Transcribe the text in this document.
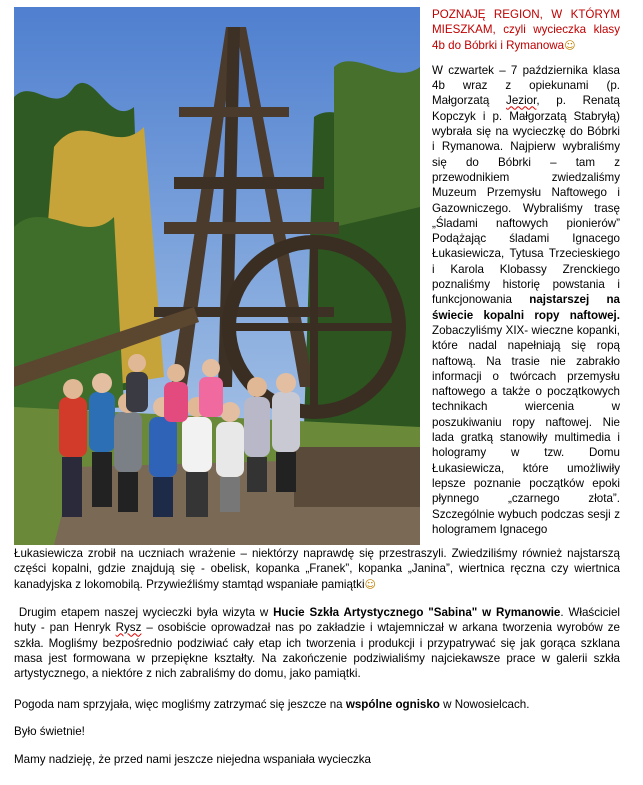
POZNAJĘ REGION, W KTÓRYM MIESZKAM, czyli wycieczka klasy 4b do Bóbrki i Rymanowa☺

W czwartek – 7 października klasa 4b wraz z opiekunami (p. Małgorzatą Jezior, p. Renatą Kopczyk i p. Małgorzatą Stabryłą) wybrała się na wycieczkę do Bóbrki i Rymanowa. Najpierw wybraliśmy się do Bóbrki – tam z przewodnikiem zwiedzaliśmy Muzeum Przemysłu Naftowego i Gazowniczego. Wybraliśmy trasę „Śladami naftowych pionierów” Podążając śladami Ignacego Łukasiewicza, Tytusa Trzecieskiego i Karola Klobassy Zrenckiego poznaliśmy historię powstania i funkcjonowania najstarszej na świecie kopalni ropy naftowej. Zobaczyliśmy XIX- wieczne kopanki, które nadal napełniają się ropą naftową. Na trasie nie zabrakło informacji o twórcach przemysłu naftowego a także o początkowych technikach wiercenia w poszukiwaniu ropy naftowej. Nie lada gratką stanowiły multimedia i hologramy w tzw. Domu Łukasiewicza, które umożliwiły lepsze poznanie początków epoki płynnego „czarnego złota”. Szczególnie wybuch podczas sesji z hologramem Ignacego

Łukasiewicza zrobił na uczniach wrażenie – niektórzy naprawdę się przestraszyli. Zwiedziliśmy również najstarszą części kopalni, gdzie znajdują się - obelisk, kopanka „Franek”, kopanka „Janina”, wiertnica ręczna czy wiertnica kanadyjska z lokomobilą. Przywieźliśmy stamtąd wspaniałe pamiątki☺

Drugim etapem naszej wycieczki była wizyta w Hucie Szkła Artystycznego "Sabina" w Rymanowie. Właściciel huty - pan Henryk Rysz – osobiście oprowadzał nas po zakładzie i wtajemniczał w arkana tworzenia wyrobów ze szkła. Mogliśmy bezpośrednio podziwiać cały etap ich tworzenia i produkcji i przypatrywać się jak gorąca szklana masa jest formowana w przepiękne kształty. Na zakończenie podziwialiśmy najciekawsze prace w galerii szkła artystycznego, a niektóre z nich zabraliśmy do domu, jako pamiątki.

Pogoda nam sprzyjała, więc mogliśmy zatrzymać się jeszcze na wspólne ognisko w Nowosielcach.

Było świetnie!

Mamy nadzieję, że przed nami jeszcze niejedna wspaniała wycieczka
